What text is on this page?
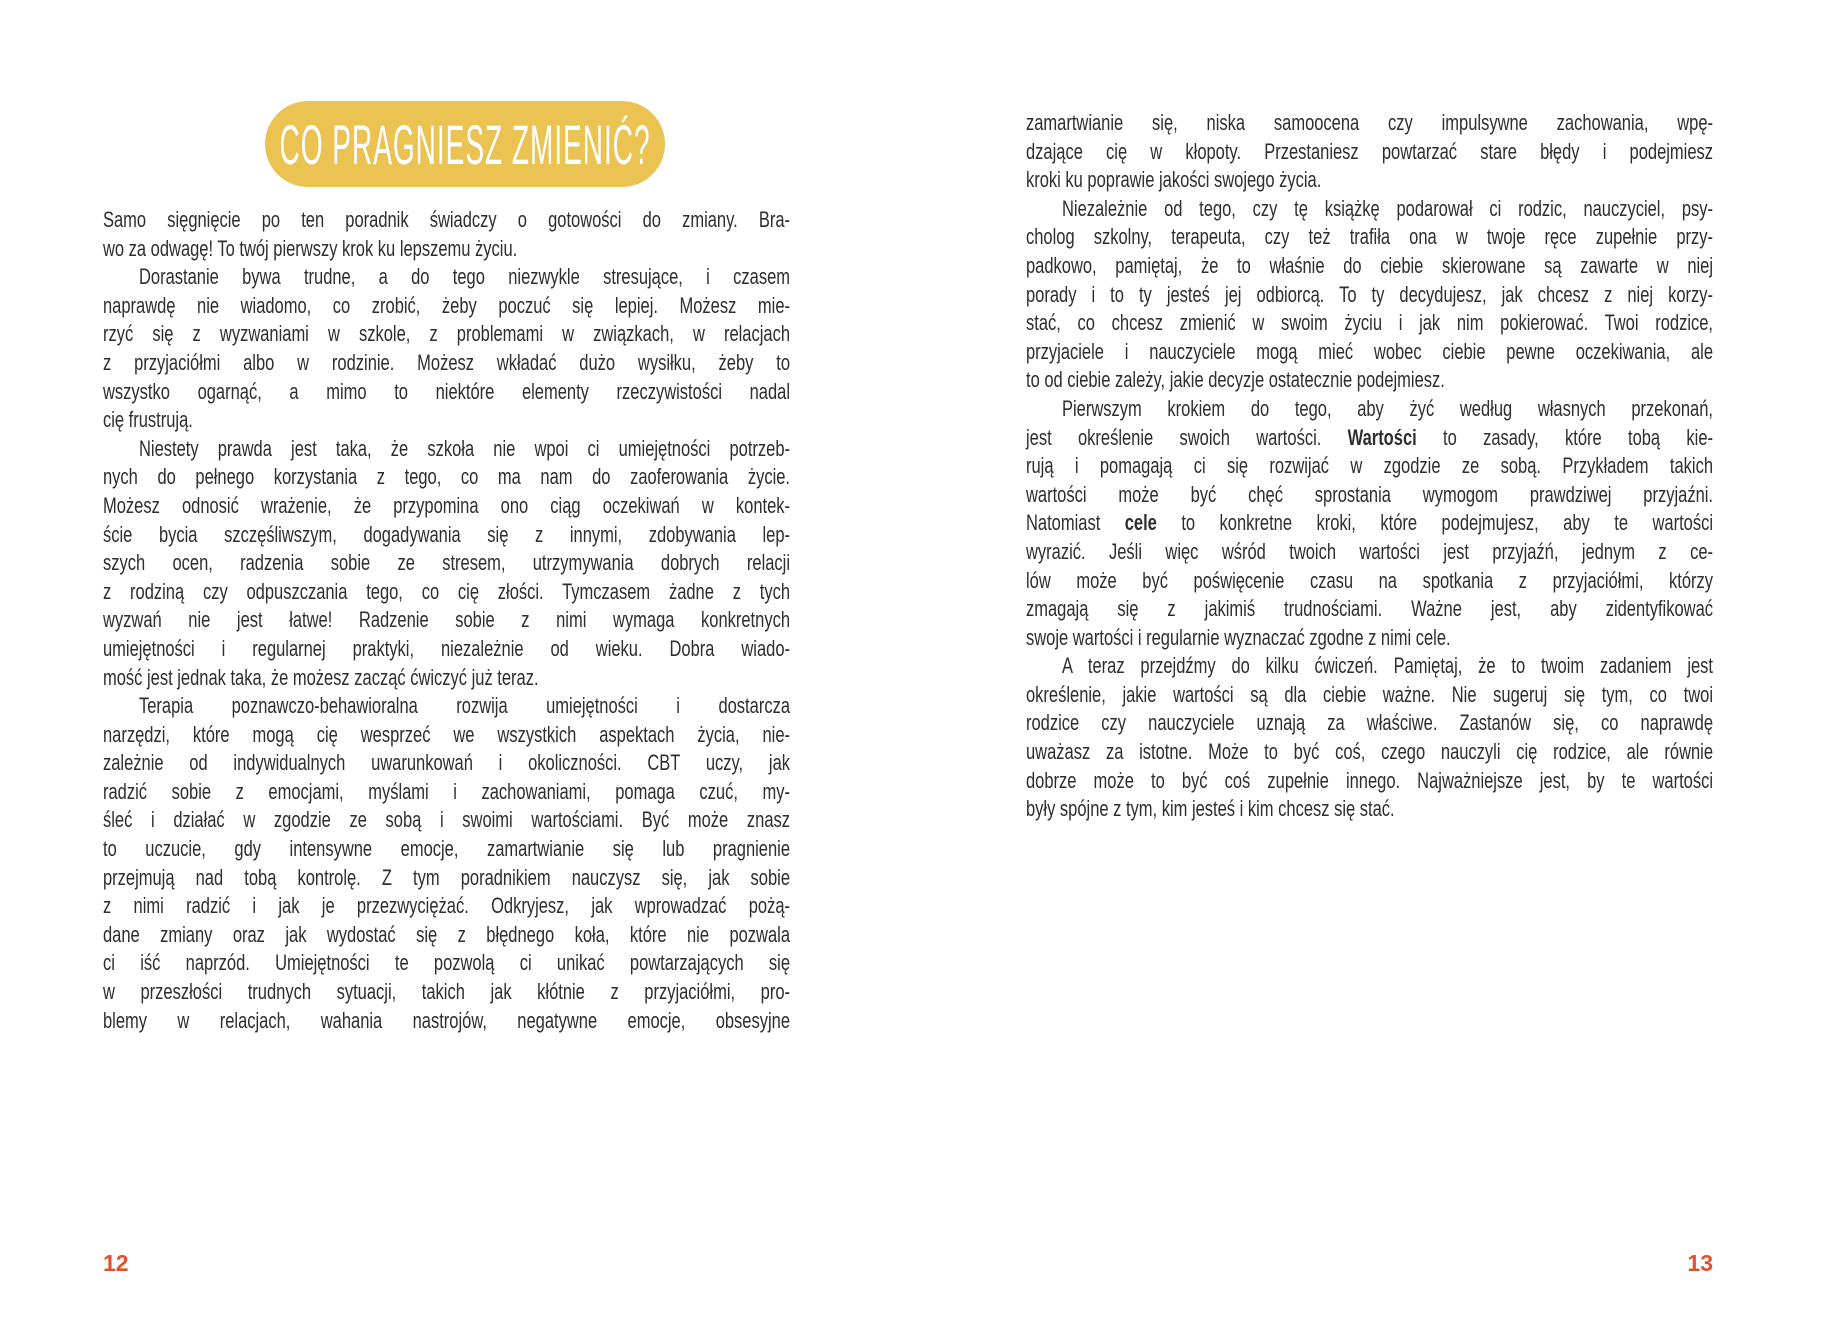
CO PRAGNIESZ ZMIENIĆ?
Samo sięgnięcie po ten poradnik świadczy o gotowości do zmiany. Bra-
wo za odwagę! To twój pierwszy krok ku lepszemu życiu.
Dorastanie bywa trudne, a do tego niezwykle stresujące, i czasem
naprawdę nie wiadomo, co zrobić, żeby poczuć się lepiej. Możesz mie-
rzyć się z wyzwaniami w szkole, z problemami w związkach, w relacjach
z przyjaciółmi albo w rodzinie. Możesz wkładać dużo wysiłku, żeby to
wszystko ogarnąć, a mimo to niektóre elementy rzeczywistości nadal
cię frustrują.
Niestety prawda jest taka, że szkoła nie wpoi ci umiejętności potrzeb-
nych do pełnego korzystania z tego, co ma nam do zaoferowania życie.
Możesz odnosić wrażenie, że przypomina ono ciąg oczekiwań w kontek-
ście bycia szczęśliwszym, dogadywania się z innymi, zdobywania lep-
szych ocen, radzenia sobie ze stresem, utrzymywania dobrych relacji
z rodziną czy odpuszczania tego, co cię złości. Tymczasem żadne z tych
wyzwań nie jest łatwe! Radzenie sobie z nimi wymaga konkretnych
umiejętności i regularnej praktyki, niezależnie od wieku. Dobra wiado-
mość jest jednak taka, że możesz zacząć ćwiczyć już teraz.
Terapia poznawczo-behawioralna rozwija umiejętności i dostarcza
narzędzi, które mogą cię wesprzeć we wszystkich aspektach życia, nie-
zależnie od indywidualnych uwarunkowań i okoliczności. CBT uczy, jak
radzić sobie z emocjami, myślami i zachowaniami, pomaga czuć, my-
śleć i działać w zgodzie ze sobą i swoimi wartościami. Być może znasz
to uczucie, gdy intensywne emocje, zamartwianie się lub pragnienie
przejmują nad tobą kontrolę. Z tym poradnikiem nauczysz się, jak sobie
z nimi radzić i jak je przezwyciężać. Odkryjesz, jak wprowadzać pożą-
dane zmiany oraz jak wydostać się z błędnego koła, które nie pozwala
ci iść naprzód. Umiejętności te pozwolą ci unikać powtarzających się
w przeszłości trudnych sytuacji, takich jak kłótnie z przyjaciółmi, pro-
blemy w relacjach, wahania nastrojów, negatywne emocje, obsesyjne
zamartwianie się, niska samoocena czy impulsywne zachowania, wpę-
dzające cię w kłopoty. Przestaniesz powtarzać stare błędy i podejmiesz
kroki ku poprawie jakości swojego życia.
Niezależnie od tego, czy tę książkę podarował ci rodzic, nauczyciel, psy-
cholog szkolny, terapeuta, czy też trafiła ona w twoje ręce zupełnie przy-
padkowo, pamiętaj, że to właśnie do ciebie skierowane są zawarte w niej
porady i to ty jesteś jej odbiorcą. To ty decydujesz, jak chcesz z niej korzy-
stać, co chcesz zmienić w swoim życiu i jak nim pokierować. Twoi rodzice,
przyjaciele i nauczyciele mogą mieć wobec ciebie pewne oczekiwania, ale
to od ciebie zależy, jakie decyzje ostatecznie podejmiesz.
Pierwszym krokiem do tego, aby żyć według własnych przekonań,
jest określenie swoich wartości. Wartości to zasady, które tobą kie-
rują i pomagają ci się rozwijać w zgodzie ze sobą. Przykładem takich
wartości może być chęć sprostania wymogom prawdziwej przyjaźni.
Natomiast cele to konkretne kroki, które podejmujesz, aby te wartości
wyrazić. Jeśli więc wśród twoich wartości jest przyjaźń, jednym z ce-
lów może być poświęcenie czasu na spotkania z przyjaciółmi, którzy
zmagają się z jakimiś trudnościami. Ważne jest, aby zidentyfikować
swoje wartości i regularnie wyznaczać zgodne z nimi cele.
A teraz przejdźmy do kilku ćwiczeń. Pamiętaj, że to twoim zadaniem jest
określenie, jakie wartości są dla ciebie ważne. Nie sugeruj się tym, co twoi
rodzice czy nauczyciele uznają za właściwe. Zastanów się, co naprawdę
uważasz za istotne. Może to być coś, czego nauczyli cię rodzice, ale równie
dobrze może to być coś zupełnie innego. Najważniejsze jest, by te wartości
były spójne z tym, kim jesteś i kim chcesz się stać.
12	13
